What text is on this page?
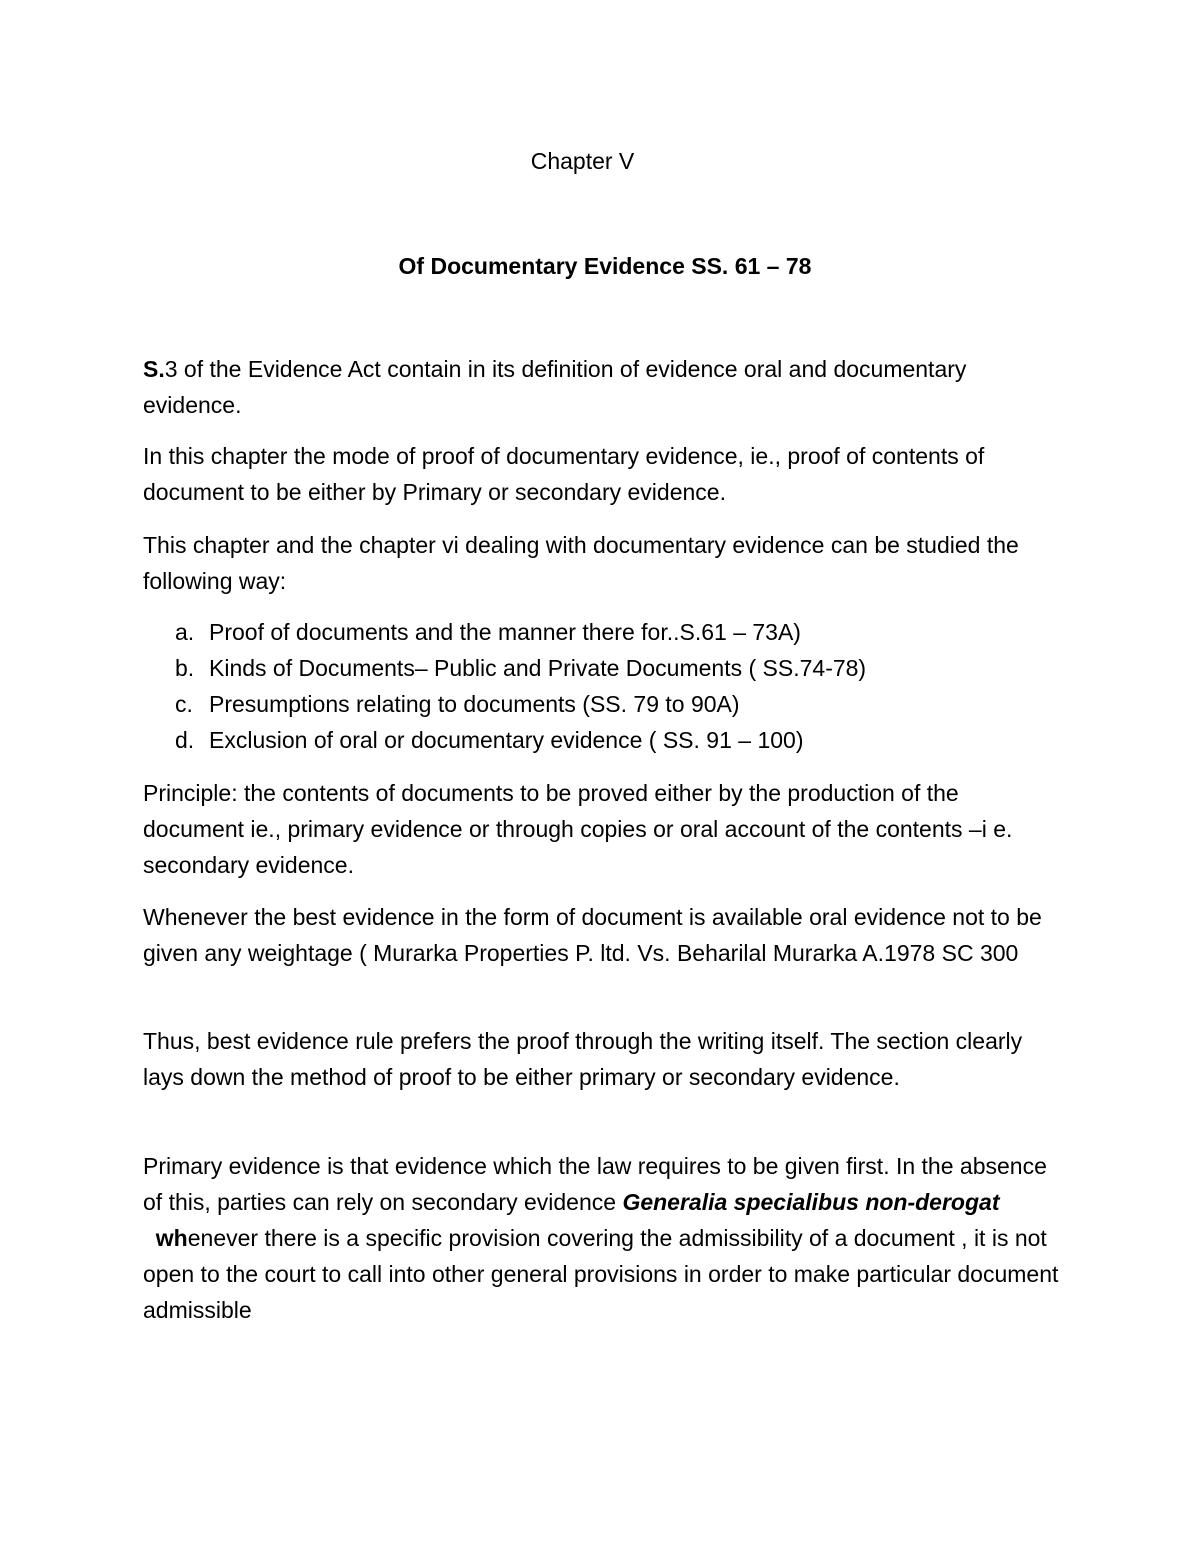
Chapter V
Of Documentary Evidence SS. 61 – 78
S.3 of the Evidence Act contain in its definition of evidence oral and documentary evidence.
In this chapter the mode of proof of documentary evidence, ie., proof of contents of document to be either by Primary or secondary evidence.
This chapter and the chapter vi dealing with documentary evidence can be studied the following way:
a. Proof of documents and the manner there for..S.61 – 73A)
b. Kinds of Documents– Public and Private Documents ( SS.74-78)
c. Presumptions relating to documents (SS. 79 to 90A)
d. Exclusion of oral or documentary evidence ( SS. 91 – 100)
Principle: the contents of documents to be proved either by the production of the document ie., primary evidence or through copies or oral account of the contents –i e. secondary evidence.
Whenever the best evidence in the form of document is available oral evidence not to be given any weightage ( Murarka Properties P. ltd. Vs. Beharilal Murarka A.1978 SC 300
Thus, best evidence rule prefers the proof through the writing itself. The section clearly lays down the method of proof to be either primary or secondary evidence.
Primary evidence is that evidence which the law requires to be given first. In the absence of this, parties can rely on secondary evidence Generalia specialibus non-derogat  whenever there is a specific provision covering the admissibility of a document , it is not open to the court to call into other general provisions in order to make particular document admissible
